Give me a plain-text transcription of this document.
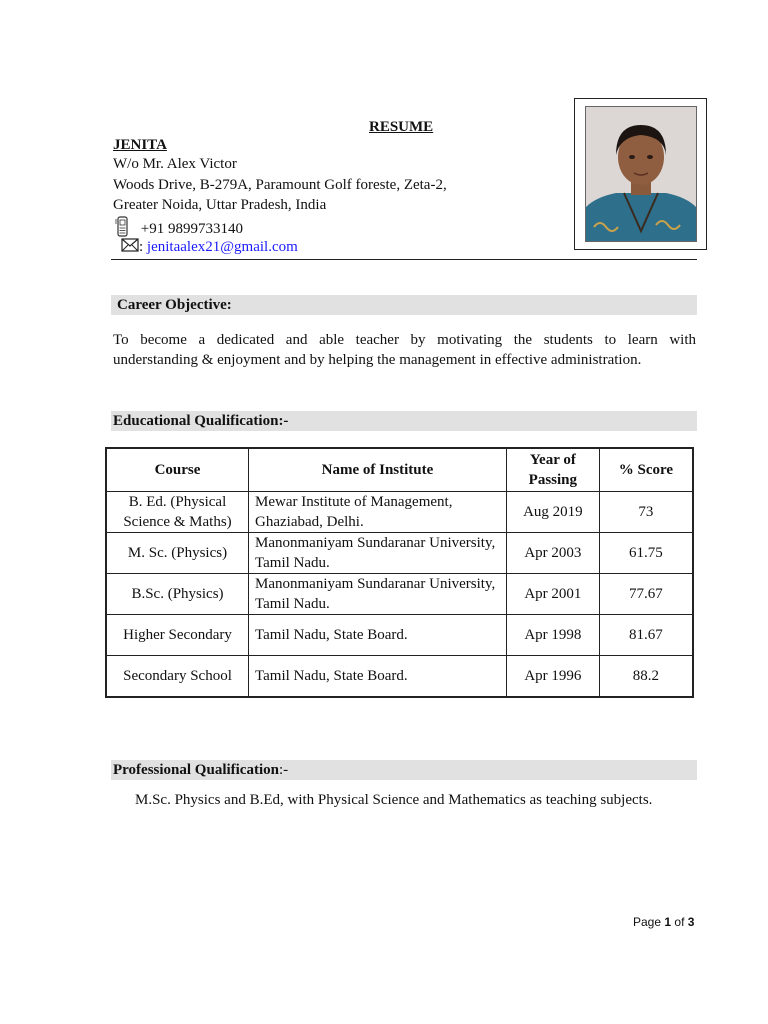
RESUME
JENITA
W/o Mr. Alex Victor
Woods Drive, B-279A, Paramount Golf foreste, Zeta-2,
Greater Noida, Uttar Pradesh, India
+91 9899733140
: jenitaalex21@gmail.com
Career Objective:
To become a dedicated and able teacher by motivating the students to learn with
understanding & enjoyment and by helping the management in effective administration.
Educational Qualification:-
Course	Name of Institute	Year of Passing	% Score
B. Ed. (Physical Science & Maths)	Mewar Institute of Management, Ghaziabad, Delhi.	Aug 2019	73
M. Sc. (Physics)	Manonmaniyam Sundaranar University, Tamil Nadu.	Apr 2003	61.75
B.Sc. (Physics)	Manonmaniyam Sundaranar University, Tamil Nadu.	Apr 2001	77.67
Higher Secondary	Tamil Nadu, State Board.	Apr 1998	81.67
Secondary School	Tamil Nadu, State Board.	Apr 1996	88.2
Professional Qualification:-
M.Sc. Physics and B.Ed, with Physical Science and Mathematics as teaching subjects.
Page 1 of 3
